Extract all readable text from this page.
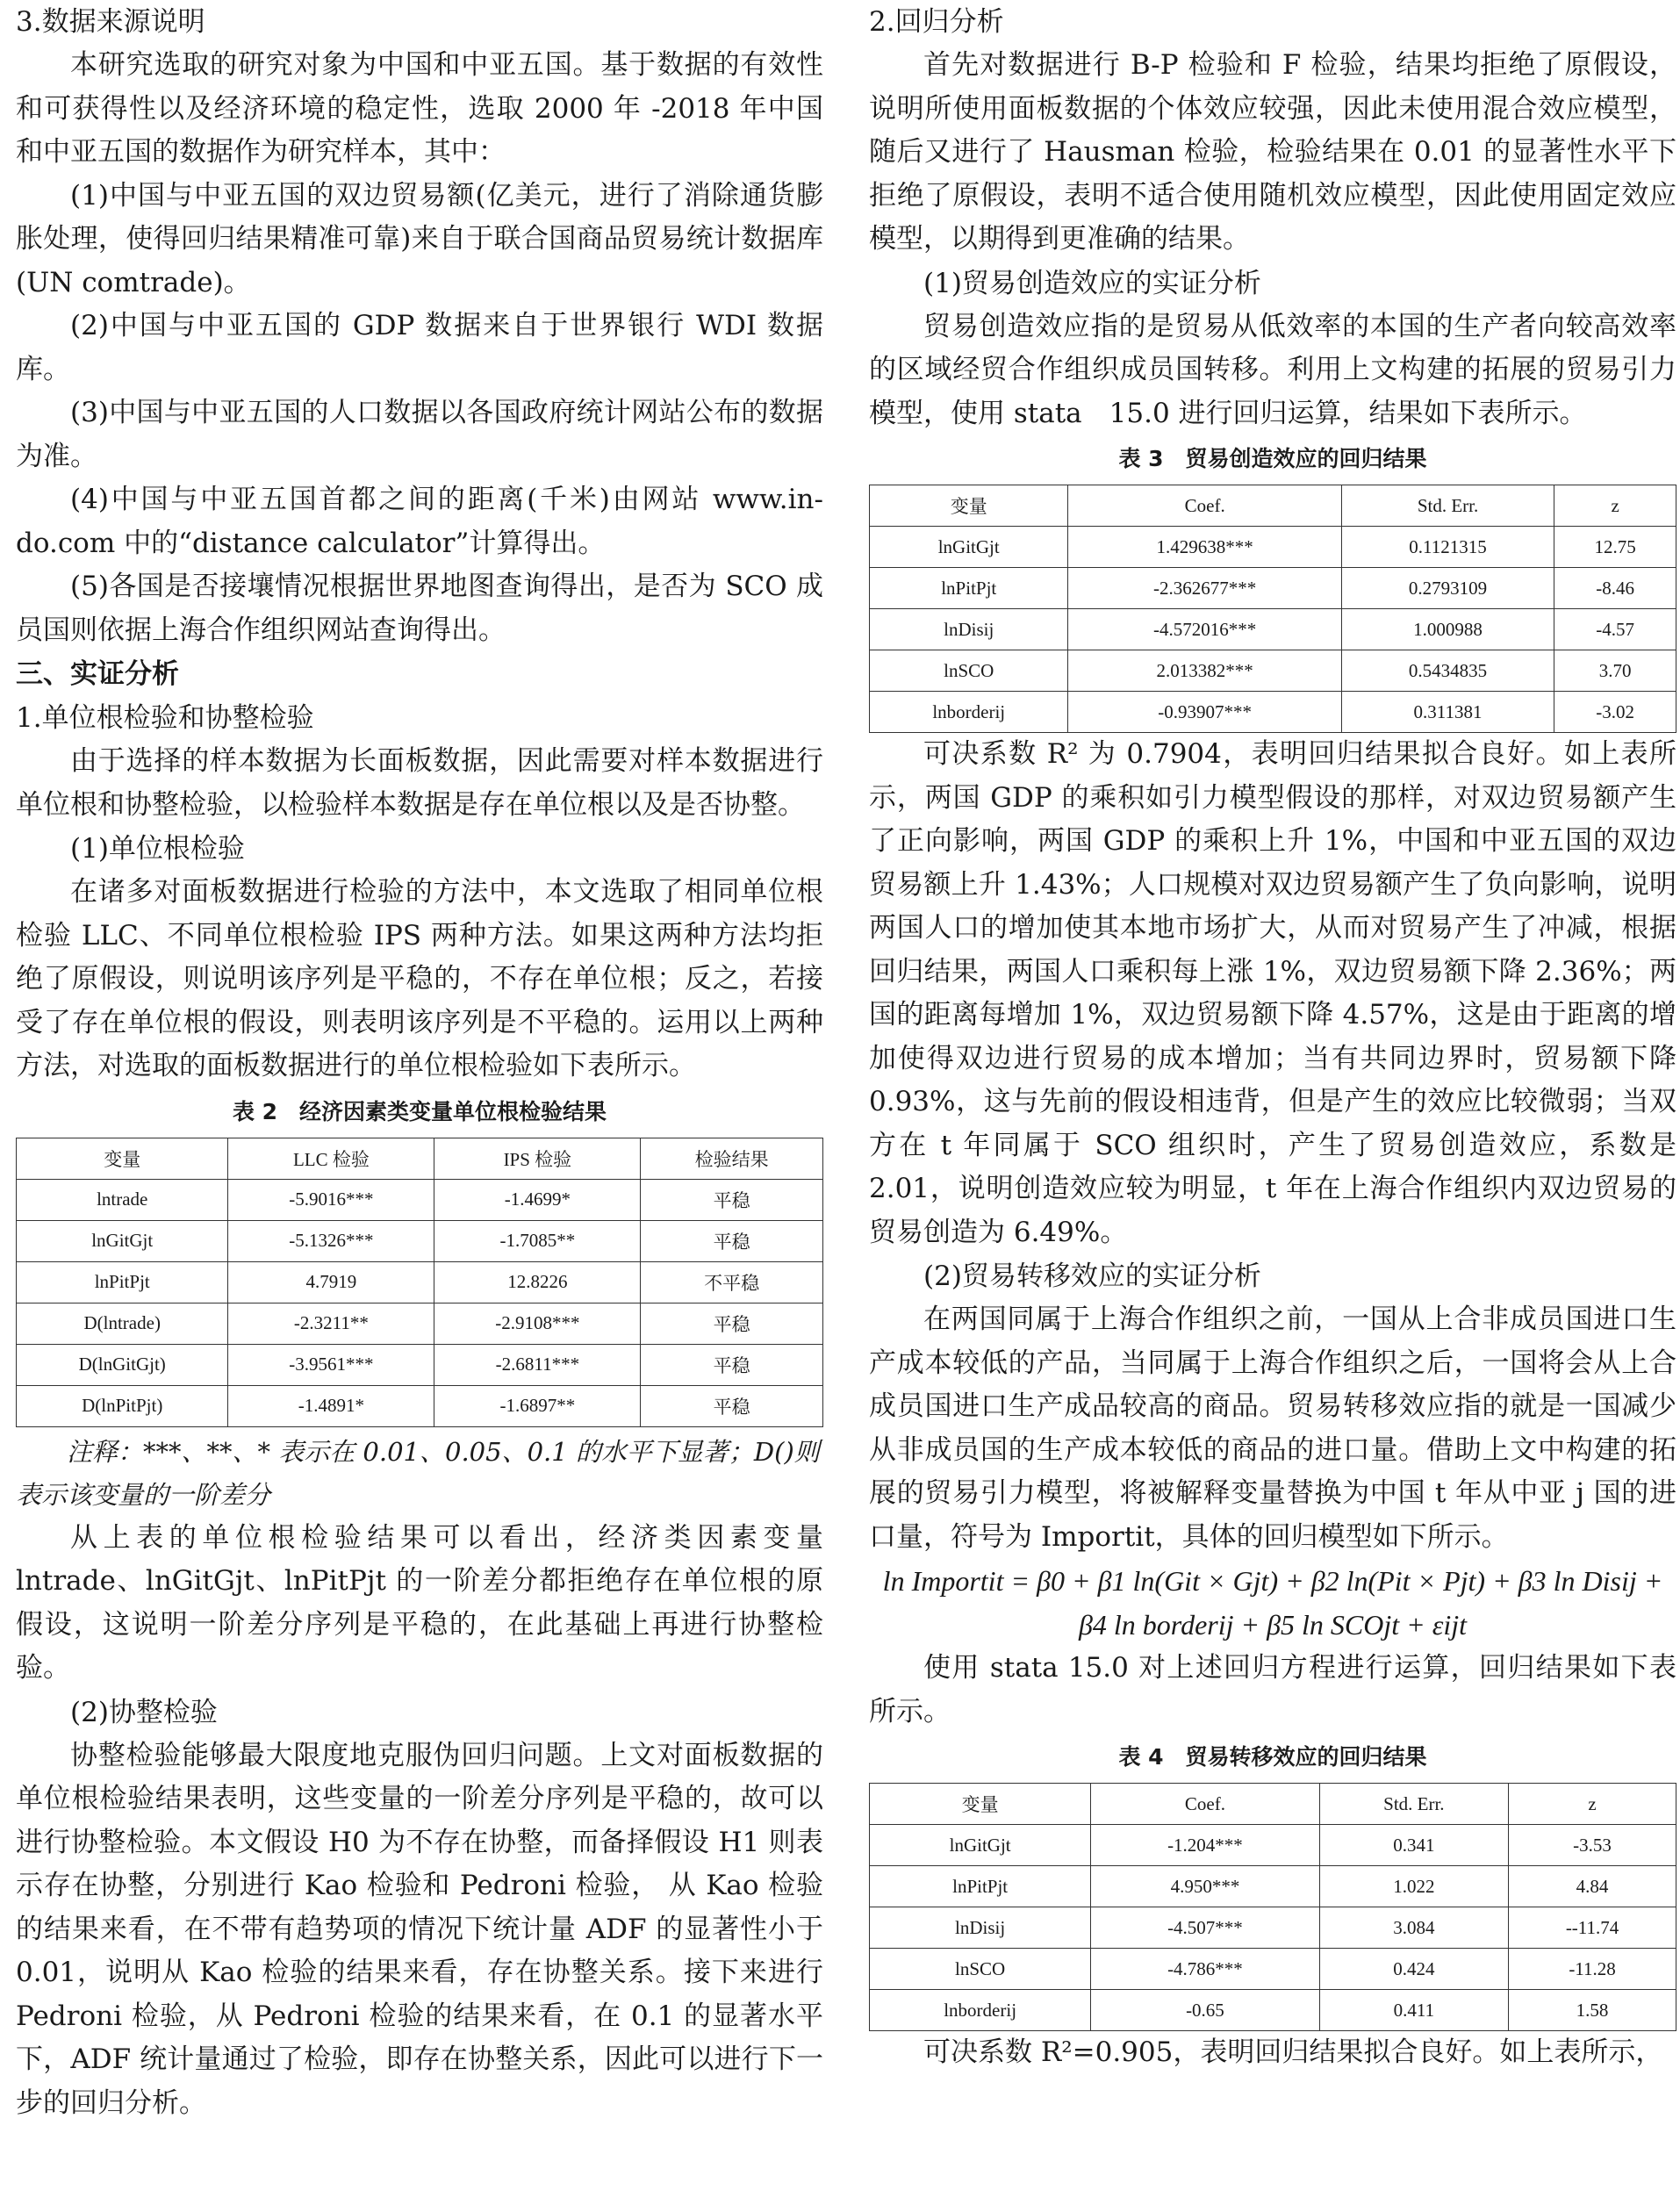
3.数据来源说明

本研究选取的研究对象为中国和中亚五国。基于数据的有效性和可获得性以及经济环境的稳定性，选取 2000 年 -2018 年中国和中亚五国的数据作为研究样本，其中：

(1)中国与中亚五国的双边贸易额(亿美元，进行了消除通货膨胀处理，使得回归结果精准可靠)来自于联合国商品贸易统计数据库(UN comtrade)。

(2)中国与中亚五国的 GDP 数据来自于世界银行 WDI 数据库。

(3)中国与中亚五国的人口数据以各国政府统计网站公布的数据为准。

(4)中国与中亚五国首都之间的距离(千米)由网站 www.in-do.com 中的“distance calculator”计算得出。

(5)各国是否接壤情况根据世界地图查询得出，是否为 SCO 成员国则依据上海合作组织网站查询得出。

三、实证分析

1.单位根检验和协整检验

由于选择的样本数据为长面板数据，因此需要对样本数据进行单位根和协整检验，以检验样本数据是存在单位根以及是否协整。

(1)单位根检验

在诸多对面板数据进行检验的方法中，本文选取了相同单位根检验 LLC、不同单位根检验 IPS 两种方法。如果这两种方法均拒绝了原假设，则说明该序列是平稳的，不存在单位根；反之，若接受了存在单位根的假设，则表明该序列是不平稳的。运用以上两种方法，对选取的面板数据进行的单位根检验如下表所示。

表 2　经济因素类变量单位根检验结果

变量	LLC 检验	IPS 检验	检验结果
lntrade	-5.9016***	-1.4699*	平稳
lnGitGjt	-5.1326***	-1.7085**	平稳
lnPitPjt	4.7919	12.8226	不平稳
D(lntrade)	-2.3211**	-2.9108***	平稳
D(lnGitGjt)	-3.9561***	-2.6811***	平稳
D(lnPitPjt)	-1.4891*	-1.6897**	平稳

注释：***、**、* 表示在 0.01、0.05、0.1 的水平下显著；D()则表示该变量的一阶差分

从上表的单位根检验结果可以看出，经济类因素变量 lntrade、lnGitGjt、lnPitPjt 的一阶差分都拒绝存在单位根的原假设，这说明一阶差分序列是平稳的，在此基础上再进行协整检验。

(2)协整检验

协整检验能够最大限度地克服伪回归问题。上文对面板数据的单位根检验结果表明，这些变量的一阶差分序列是平稳的，故可以进行协整检验。本文假设 H0 为不存在协整，而备择假设 H1 则表示存在协整，分别进行 Kao 检验和 Pedroni 检验， 从 Kao 检验的结果来看，在不带有趋势项的情况下统计量 ADF 的显著性小于 0.01，说明从 Kao 检验的结果来看，存在协整关系。接下来进行 Pedroni 检验，从 Pedroni 检验的结果来看，在 0.1 的显著水平下，ADF 统计量通过了检验，即存在协整关系，因此可以进行下一步的回归分析。

2.回归分析

首先对数据进行 B-P 检验和 F 检验，结果均拒绝了原假设，说明所使用面板数据的个体效应较强，因此未使用混合效应模型，随后又进行了 Hausman 检验，检验结果在 0.01 的显著性水平下拒绝了原假设，表明不适合使用随机效应模型，因此使用固定效应模型，以期得到更准确的结果。

(1)贸易创造效应的实证分析

贸易创造效应指的是贸易从低效率的本国的生产者向较高效率的区域经贸合作组织成员国转移。利用上文构建的拓展的贸易引力模型，使用 stata　15.0 进行回归运算，结果如下表所示。

表 3　贸易创造效应的回归结果

变量	Coef.	Std. Err.	z
lnGitGjt	1.429638***	0.1121315	12.75
lnPitPjt	-2.362677***	0.2793109	-8.46
lnDisij	-4.572016***	1.000988	-4.57
lnSCO	2.013382***	0.5434835	3.70
lnborderij	-0.93907***	0.311381	-3.02

可决系数 R² 为 0.7904，表明回归结果拟合良好。如上表所示，两国 GDP 的乘积如引力模型假设的那样，对双边贸易额产生了正向影响，两国 GDP 的乘积上升 1%，中国和中亚五国的双边贸易额上升 1.43%；人口规模对双边贸易额产生了负向影响，说明两国人口的增加使其本地市场扩大，从而对贸易产生了冲减，根据回归结果，两国人口乘积每上涨 1%，双边贸易额下降 2.36%；两国的距离每增加 1%，双边贸易额下降 4.57%，这是由于距离的增加使得双边进行贸易的成本增加；当有共同边界时，贸易额下降 0.93%，这与先前的假设相违背，但是产生的效应比较微弱；当双方在 t 年同属于 SCO 组织时，产生了贸易创造效应，系数是 2.01，说明创造效应较为明显，t 年在上海合作组织内双边贸易的贸易创造为 6.49%。

(2)贸易转移效应的实证分析

在两国同属于上海合作组织之前，一国从上合非成员国进口生产成本较低的产品，当同属于上海合作组织之后，一国将会从上合成员国进口生产成品较高的商品。贸易转移效应指的就是一国减少从非成员国的生产成本较低的商品的进口量。借助上文中构建的拓展的贸易引力模型，将被解释变量替换为中国 t 年从中亚 j 国的进口量，符号为 Importit，具体的回归模型如下所示。

ln Importit = β0 + β1 ln(Git × Gjt) + β2 ln(Pit × Pjt) + β3 ln Disij +

β4 ln borderij + β5 ln SCOjt + εijt

使用 stata 15.0 对上述回归方程进行运算，回归结果如下表所示。

表 4　贸易转移效应的回归结果

变量	Coef.	Std. Err.	z
lnGitGjt	-1.204***	0.341	-3.53
lnPitPjt	4.950***	1.022	4.84
lnDisij	-4.507***	3.084	--11.74
lnSCO	-4.786***	0.424	-11.28
lnborderij	-0.65	0.411	1.58

可决系数 R²=0.905，表明回归结果拟合良好。如上表所示，
